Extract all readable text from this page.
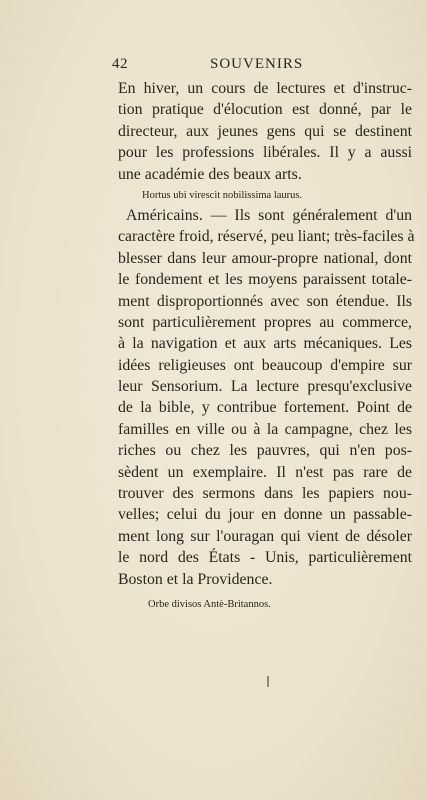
42	SOUVENIRS
En hiver, un cours de lectures et d'instruc-
tion pratique d'élocution est donné, par le
directeur, aux jeunes gens qui se destinent
pour les professions libérales. Il y a aussi
une académie des beaux arts.
Hortus ubi virescit nobilissima laurus.
Américains. — Ils sont généralement d'un
caractère froid, réservé, peu liant; très-faciles à
blesser dans leur amour-propre national, dont
le fondement et les moyens paraissent totale-
ment disproportionnés avec son étendue. Ils
sont particulièrement propres au commerce,
à la navigation et aux arts mécaniques. Les
idées religieuses ont beaucoup d'empire sur
leur Sensorium. La lecture presqu'exclusive
de la bible, y contribue fortement. Point de
familles en ville ou à la campagne, chez les
riches ou chez les pauvres, qui n'en pos-
sèdent un exemplaire. Il n'est pas rare de
trouver des sermons dans les papiers nou-
velles; celui du jour en donne un passable-
ment long sur l'ouragan qui vient de désoler
le nord des États - Unis, particulièrement
Boston et la Providence.
Orbe divisos Antè-Britannos.
